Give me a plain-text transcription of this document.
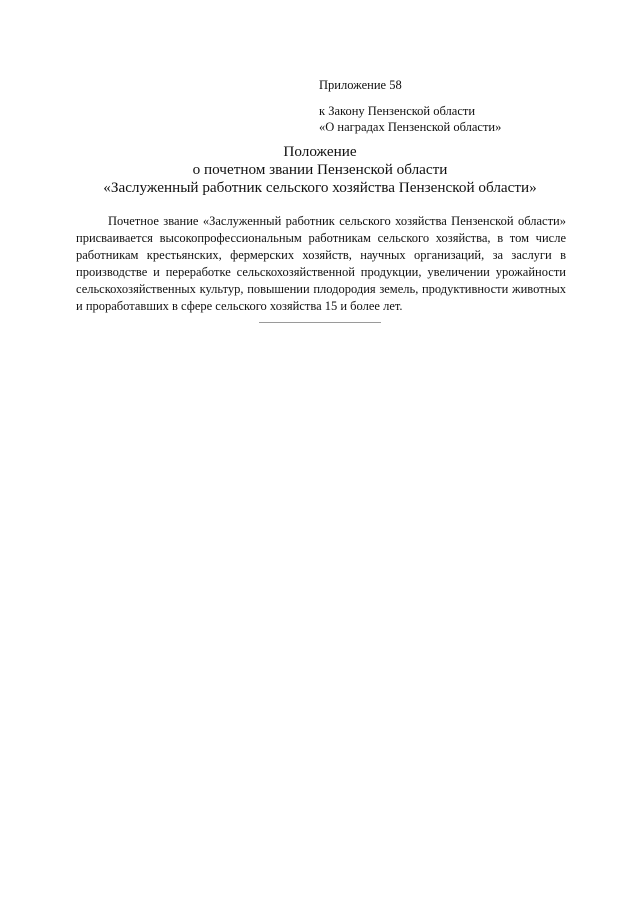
Приложение 58
к Закону Пензенской области
«О наградах Пензенской области»
Положение
о почетном звании Пензенской области
«Заслуженный работник сельского хозяйства Пензенской области»

Почетное звание «Заслуженный работник сельского хозяйства Пензенской области» присваивается высокопрофессиональным работникам сельского хозяйства, в том числе работникам крестьянских, фермерских хозяйств, научных организаций, за заслуги в производстве и переработке сельскохозяйственной продукции, увеличении урожайности сельскохозяйственных культур, повышении плодородия земель, продуктивности животных и проработавших в сфере сельского хозяйства 15 и более лет.
